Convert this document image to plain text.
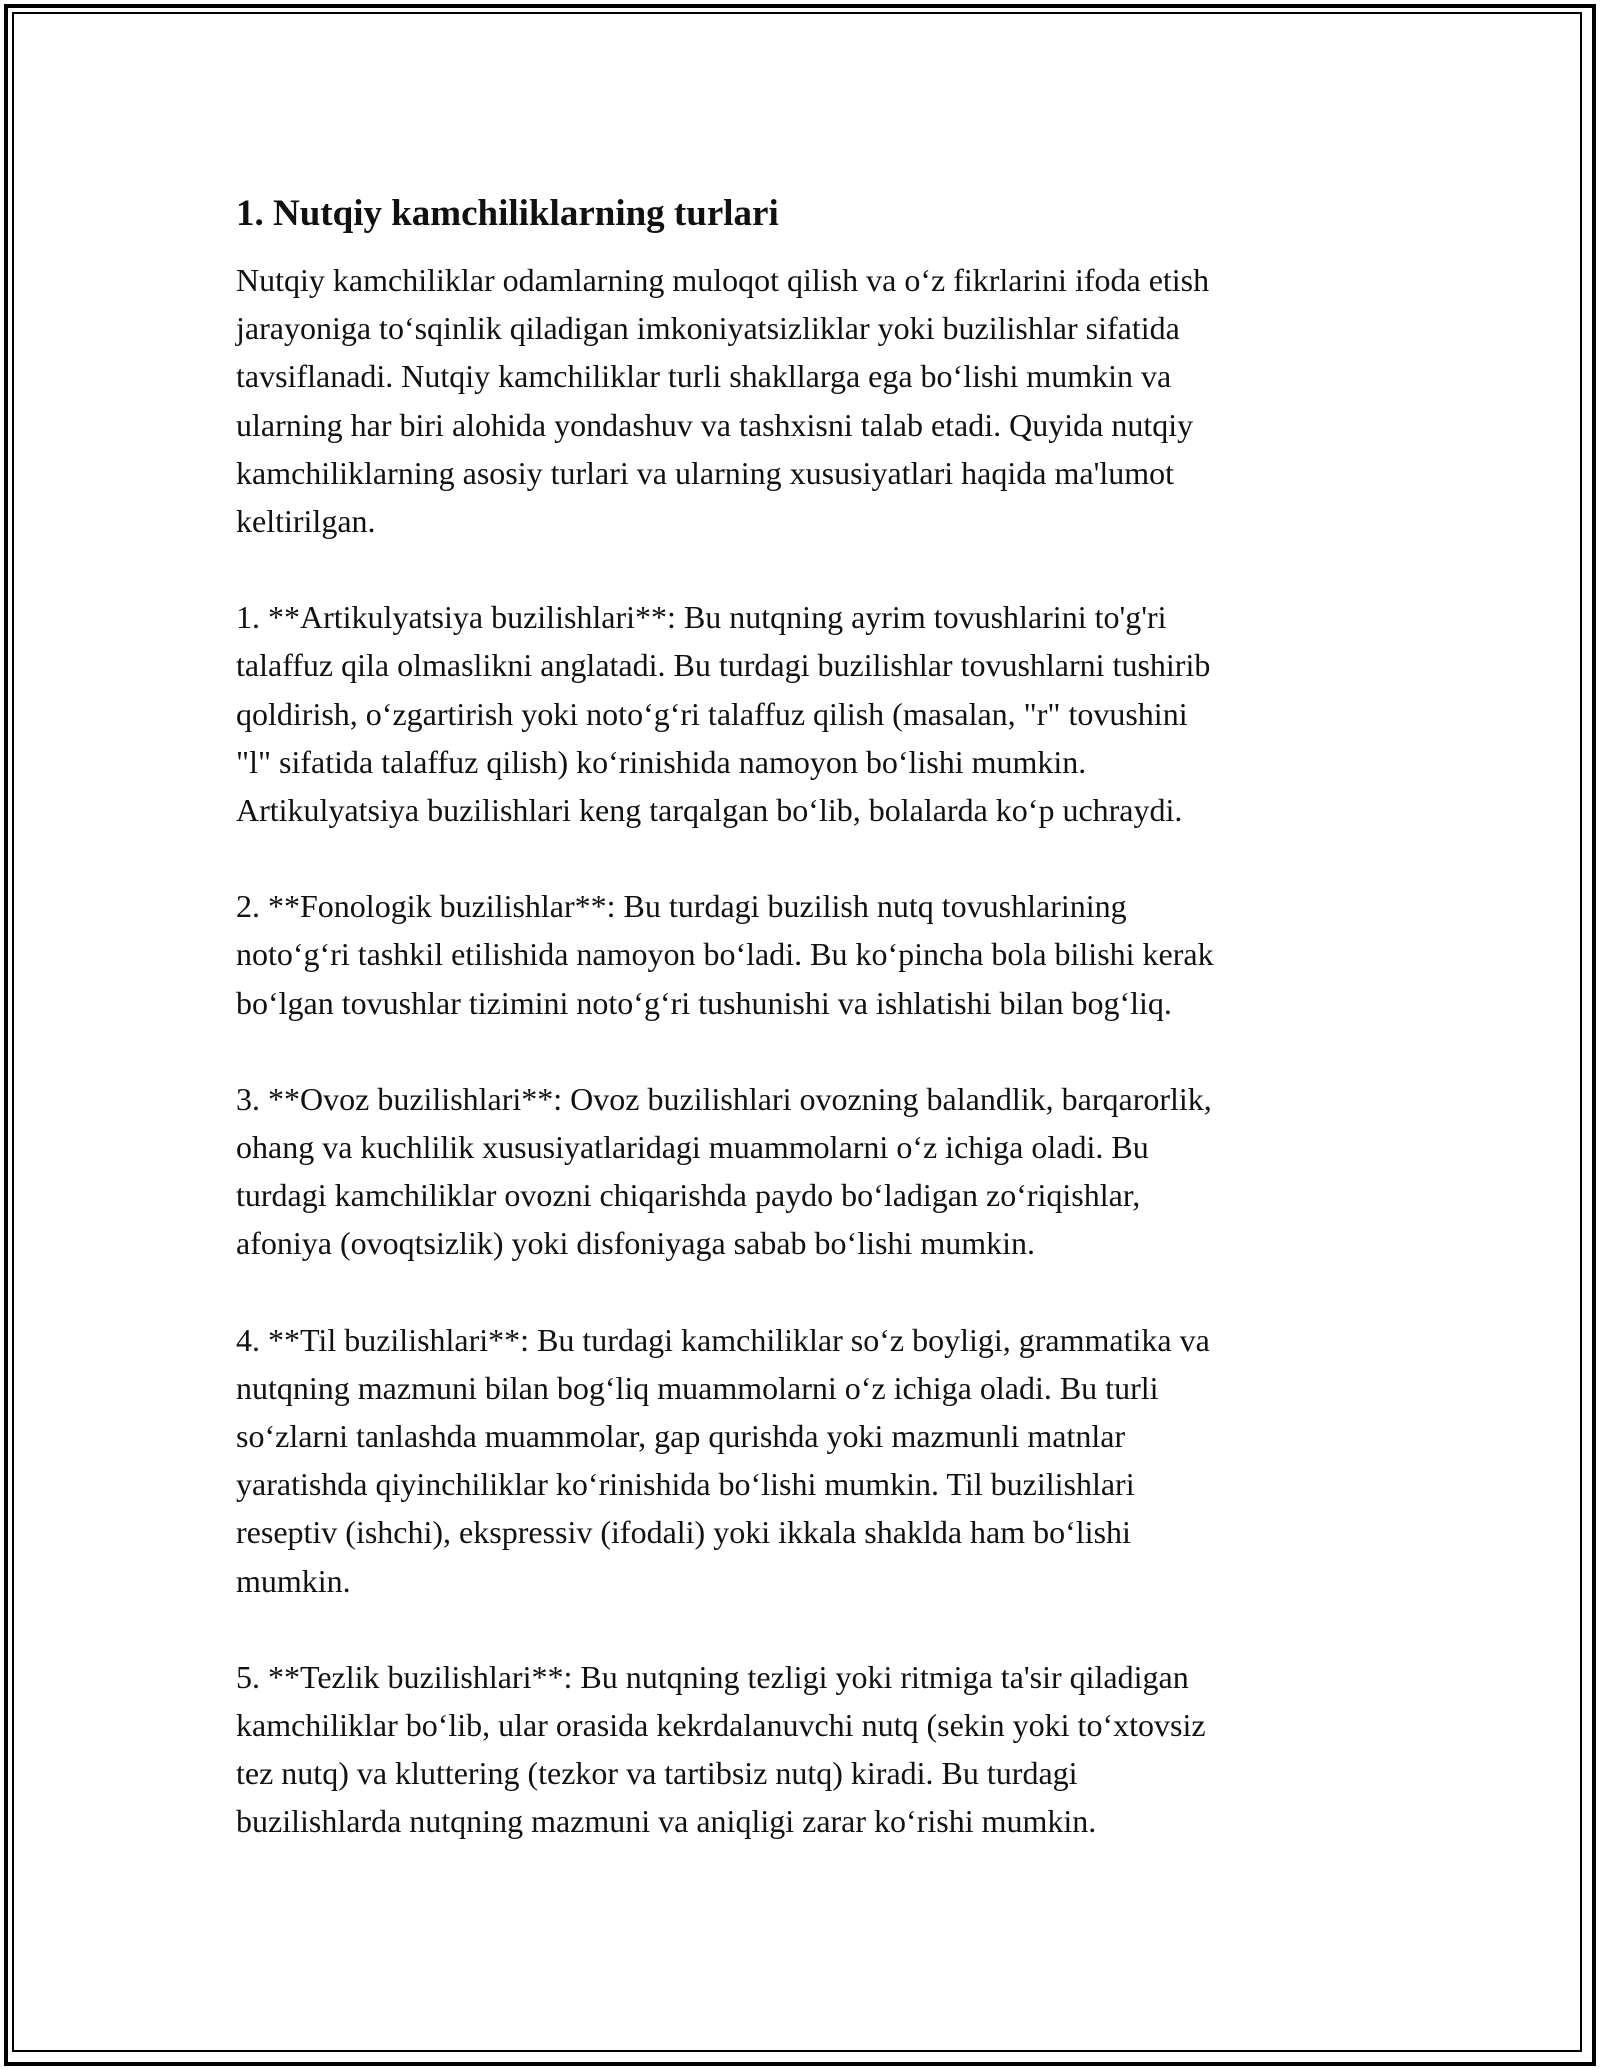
1. Nutqiy kamchiliklarning turlari

Nutqiy kamchiliklar odamlarning muloqot qilish va o‘z fikrlarini ifoda etish
jarayoniga to‘sqinlik qiladigan imkoniyatsizliklar yoki buzilishlar sifatida
tavsiflanadi. Nutqiy kamchiliklar turli shakllarga ega bo‘lishi mumkin va
ularning har biri alohida yondashuv va tashxisni talab etadi. Quyida nutqiy
kamchiliklarning asosiy turlari va ularning xususiyatlari haqida ma'lumot
keltirilgan.

1. **Artikulyatsiya buzilishlari**: Bu nutqning ayrim tovushlarini to'g'ri
talaffuz qila olmaslikni anglatadi. Bu turdagi buzilishlar tovushlarni tushirib
qoldirish, o‘zgartirish yoki noto‘g‘ri talaffuz qilish (masalan, "r" tovushini
"l" sifatida talaffuz qilish) ko‘rinishida namoyon bo‘lishi mumkin.
Artikulyatsiya buzilishlari keng tarqalgan bo‘lib, bolalarda ko‘p uchraydi.

2. **Fonologik buzilishlar**: Bu turdagi buzilish nutq tovushlarining
noto‘g‘ri tashkil etilishida namoyon bo‘ladi. Bu ko‘pincha bola bilishi kerak
bo‘lgan tovushlar tizimini noto‘g‘ri tushunishi va ishlatishi bilan bog‘liq.

3. **Ovoz buzilishlari**: Ovoz buzilishlari ovozning balandlik, barqarorlik,
ohang va kuchlilik xususiyatlaridagi muammolarni o‘z ichiga oladi. Bu
turdagi kamchiliklar ovozni chiqarishda paydo bo‘ladigan zo‘riqishlar,
afoniya (ovoqtsizlik) yoki disfoniyaga sabab bo‘lishi mumkin.

4. **Til buzilishlari**: Bu turdagi kamchiliklar so‘z boyligi, grammatika va
nutqning mazmuni bilan bog‘liq muammolarni o‘z ichiga oladi. Bu turli
so‘zlarni tanlashda muammolar, gap qurishda yoki mazmunli matnlar
yaratishda qiyinchiliklar ko‘rinishida bo‘lishi mumkin. Til buzilishlari
reseptiv (ishchi), ekspressiv (ifodali) yoki ikkala shaklda ham bo‘lishi
mumkin.

5. **Tezlik buzilishlari**: Bu nutqning tezligi yoki ritmiga ta'sir qiladigan
kamchiliklar bo‘lib, ular orasida kekrdalanuvchi nutq (sekin yoki to‘xtovsiz
tez nutq) va kluttering (tezkor va tartibsiz nutq) kiradi. Bu turdagi
buzilishlarda nutqning mazmuni va aniqligi zarar ko‘rishi mumkin.
